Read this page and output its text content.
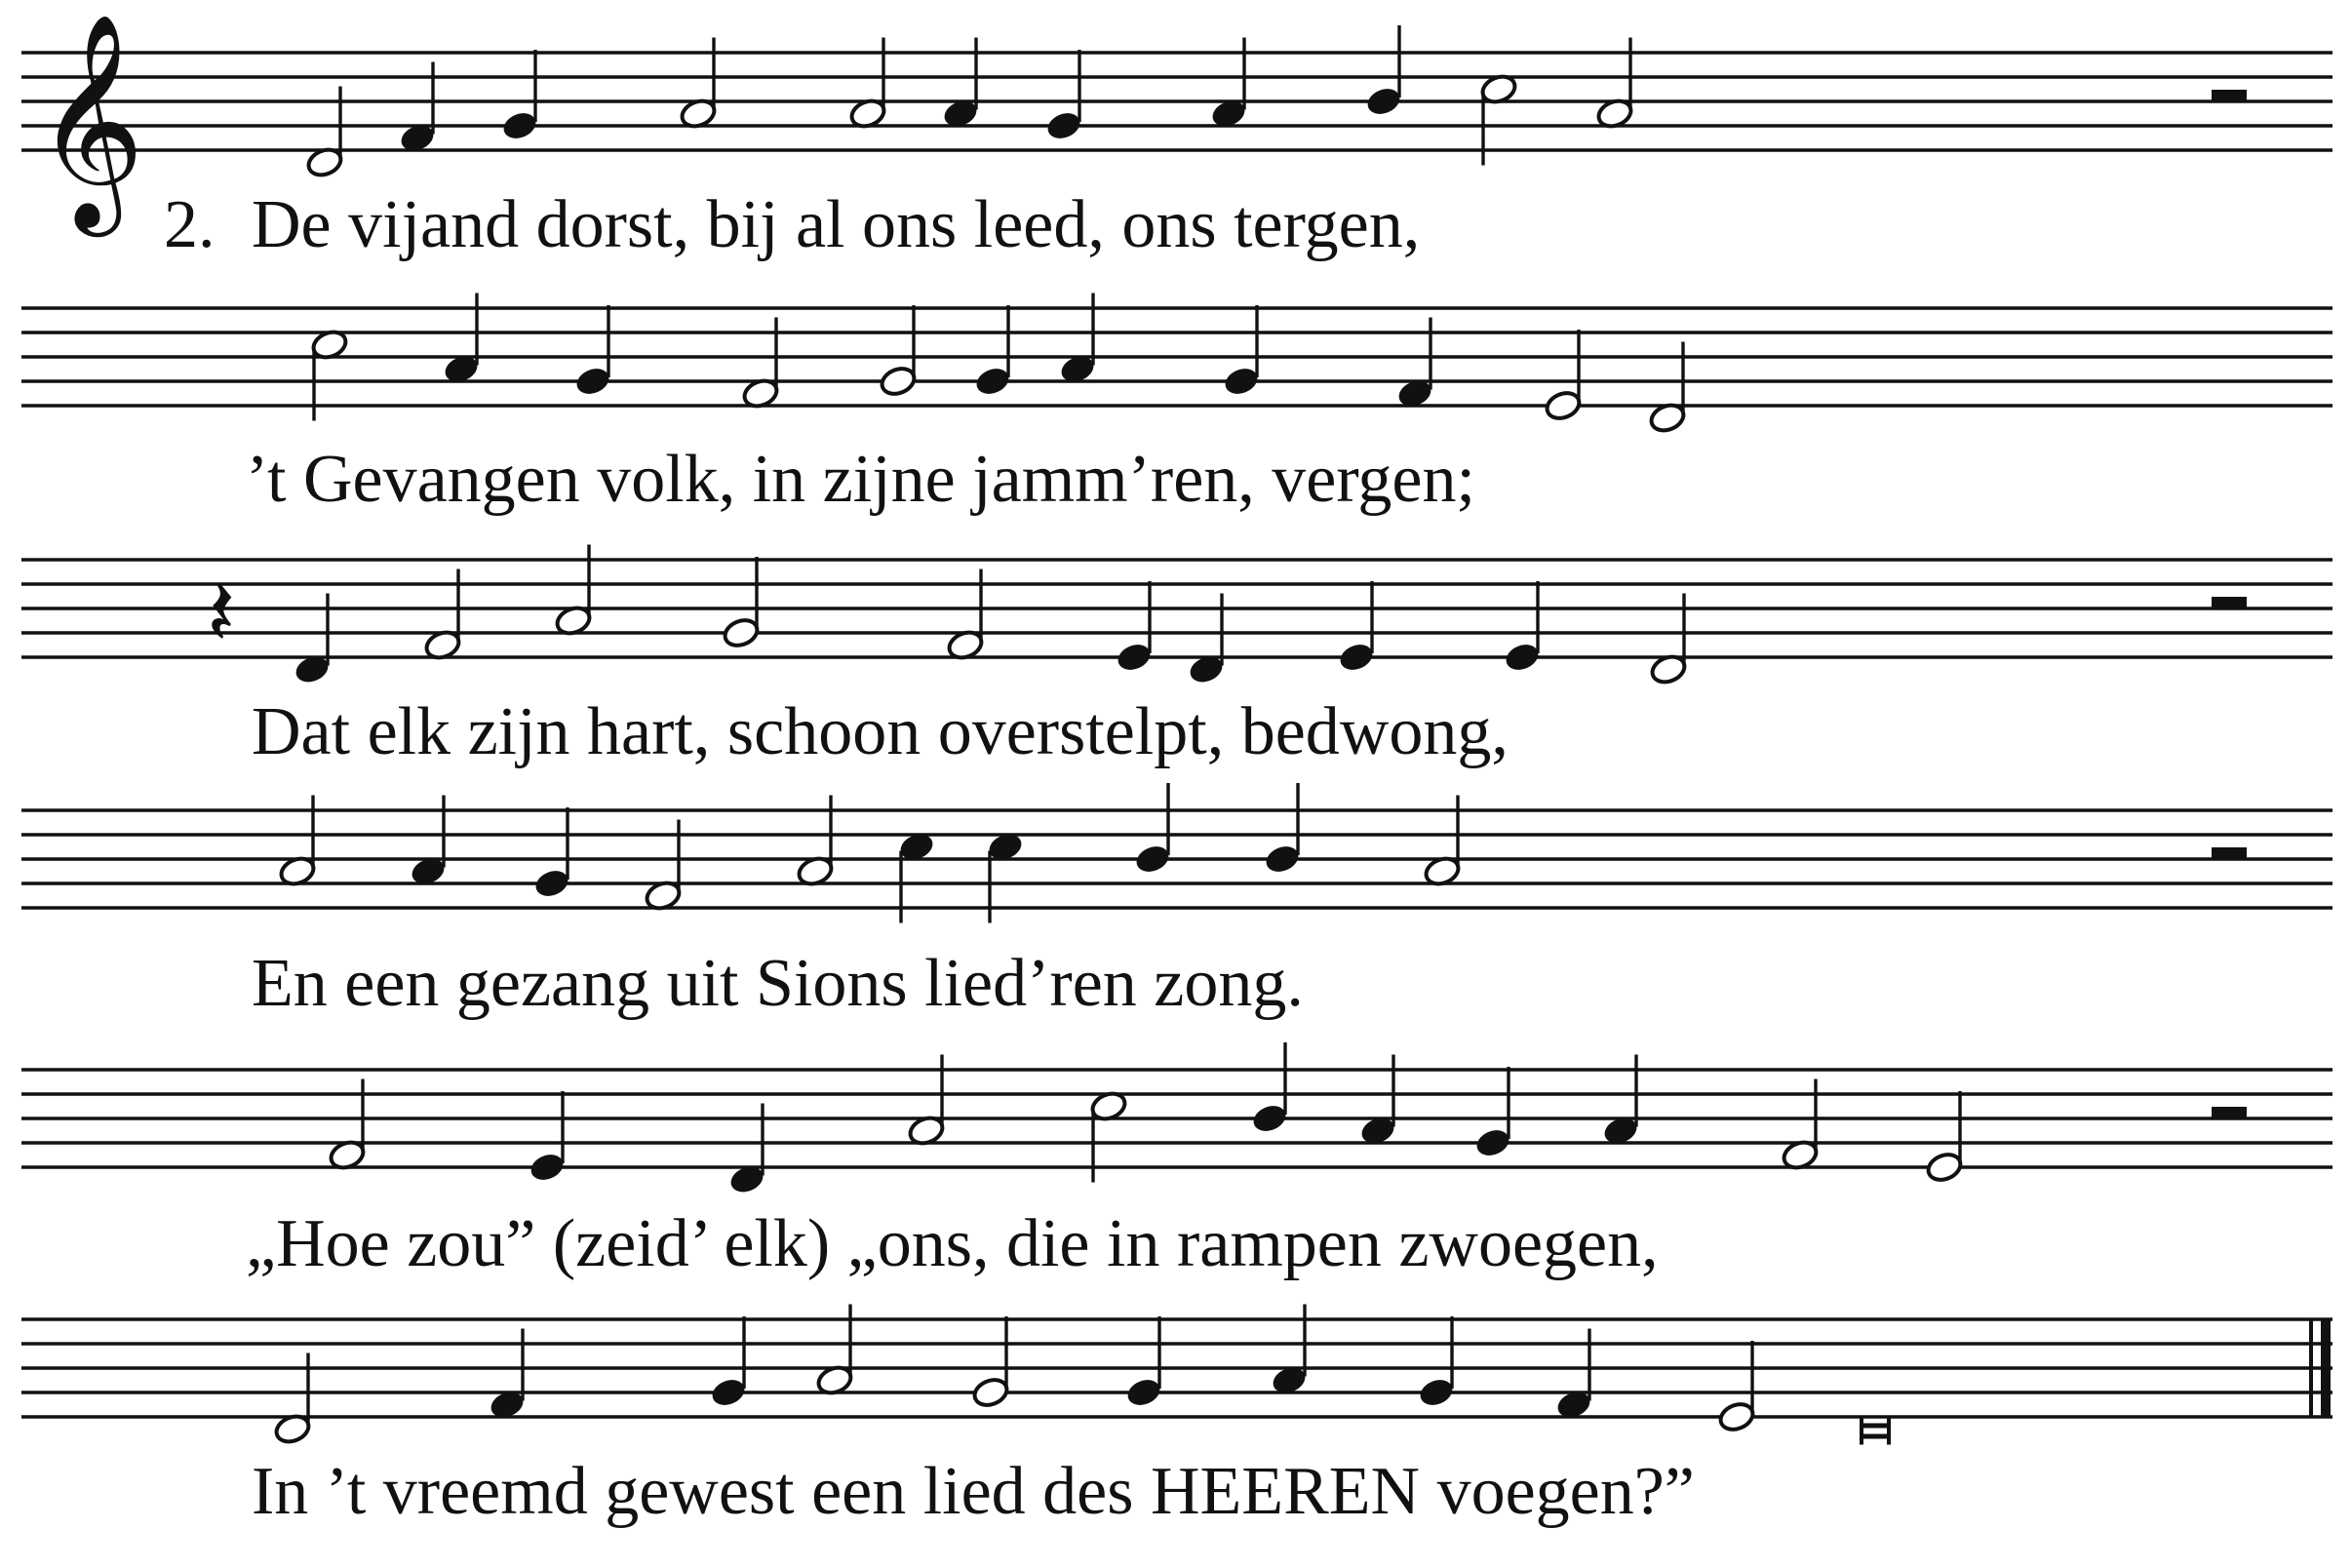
2.
𝄞 De vijand dorst, bij al ons leed, ons tergen,
’t Gevangen volk, in zijne jamm’ren, vergen;
𝄽
Dat elk zijn hart, schoon overstelpt, bedwong,
En een gezang uit Sions lied’ren zong.
„Hoe zou” (zeid’ elk) „ons, die in rampen zwoegen,
In ’t vreemd gewest een lied des HEEREN voegen?”
